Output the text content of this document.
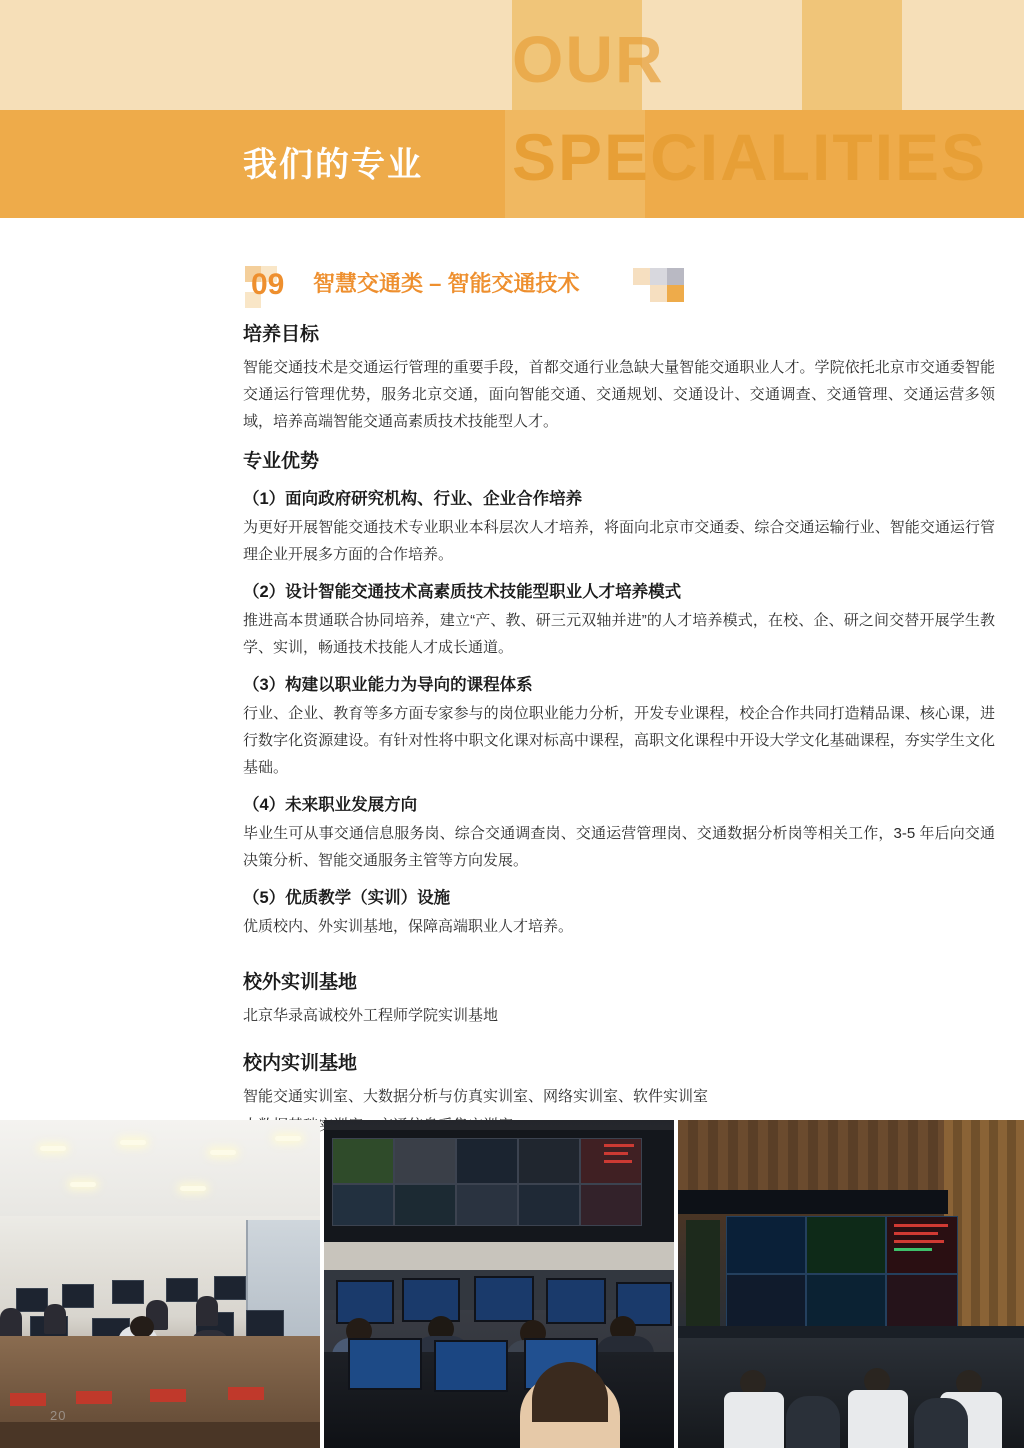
OUR
SPECIALITIES
我们的专业
09 智慧交通类 – 智能交通技术
培养目标

智能交通技术是交通运行管理的重要手段，首都交通行业急缺大量智能交通职业人才。学院依托北京市交通委智能交通运行管理优势，服务北京交通，面向智能交通、交通规划、交通设计、交通调查、交通管理、交通运营多领域，培养高端智能交通高素质技术技能型人才。

专业优势
（1）面向政府研究机构、行业、企业合作培养

为更好开展智能交通技术专业职业本科层次人才培养，将面向北京市交通委、综合交通运输行业、智能交通运行管理企业开展多方面的合作培养。

（2）设计智能交通技术高素质技术技能型职业人才培养模式

推进高本贯通联合协同培养，建立“产、教、研三元双轴并进”的人才培养模式，在校、企、研之间交替开展学生教学、实训，畅通技术技能人才成长通道。

（3）构建以职业能力为导向的课程体系

行业、企业、教育等多方面专家参与的岗位职业能力分析，开发专业课程，校企合作共同打造精品课、核心课，进行数字化资源建设。有针对性将中职文化课对标高中课程，高职文化课程中开设大学文化基础课程，夯实学生文化基础。

（4）未来职业发展方向

毕业生可从事交通信息服务岗、综合交通调查岗、交通运营管理岗、交通数据分析岗等相关工作，3-5 年后向交通决策分析、智能交通服务主管等方向发展。

（5）优质教学（实训）设施

优质校内、外实训基地，保障高端职业人才培养。

校外实训基地

北京华录高诚校外工程师学院实训基地

校内实训基地

智能交通实训室、大数据分析与仿真实训室、网络实训室、软件实训室

20
